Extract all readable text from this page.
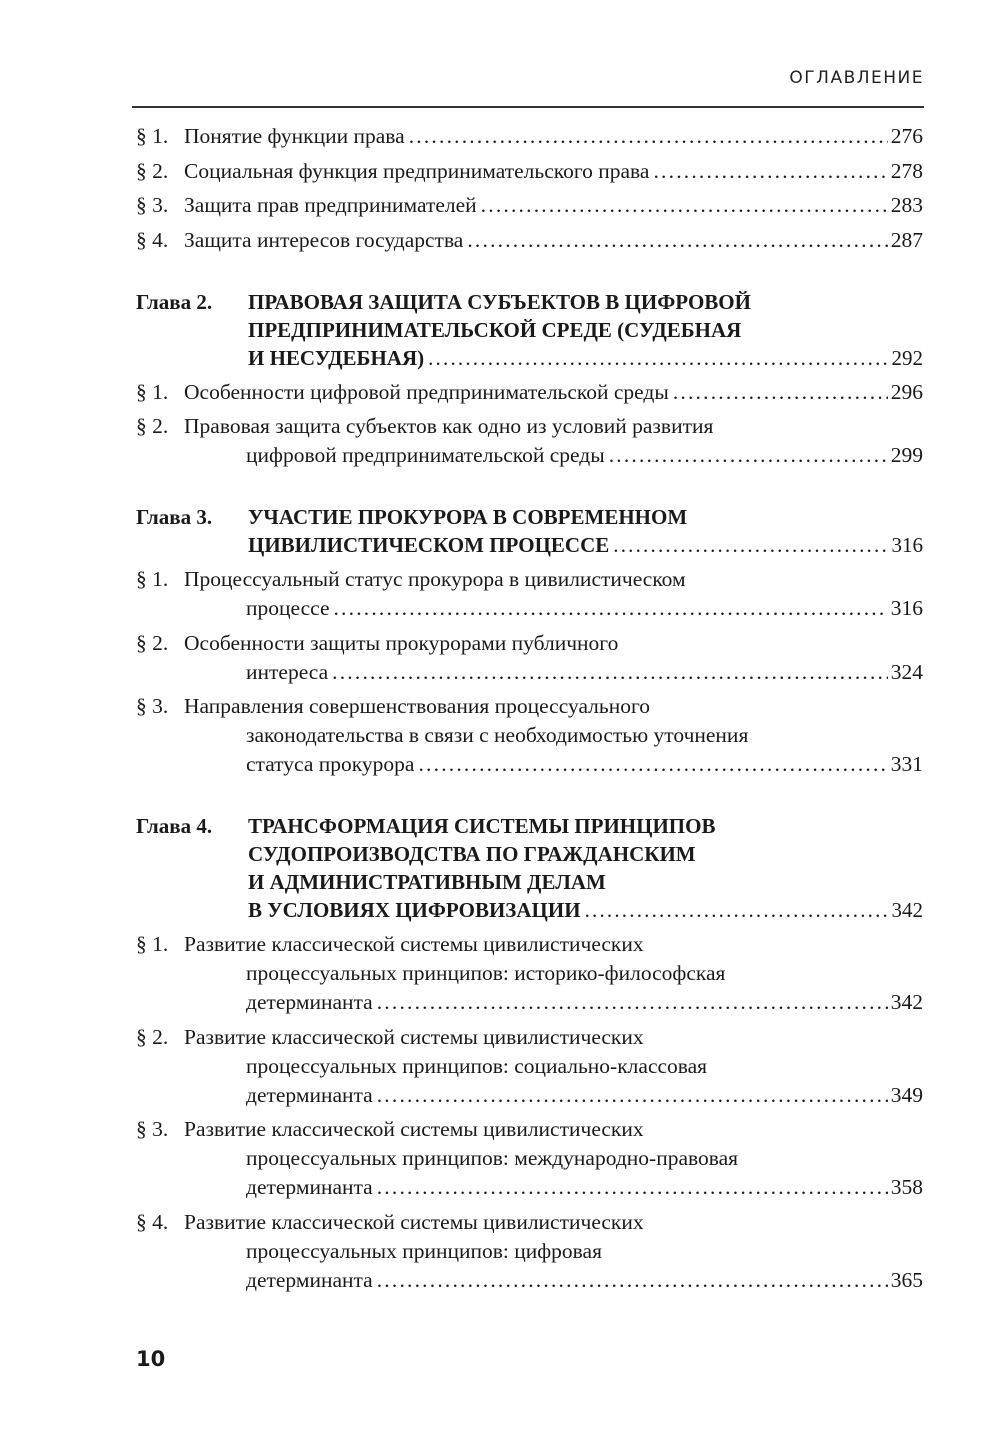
ОГЛАВЛЕНИЕ
§ 1. Понятие функции права .....	276
§ 2. Социальная функция предпринимательского права .....	278
§ 3. Защита прав предпринимателей .....	283
§ 4. Защита интересов государства .....	287
Глава 2. ПРАВОВАЯ ЗАЩИТА СУБЪЕКТОВ В ЦИФРОВОЙ
ПРЕДПРИНИМАТЕЛЬСКОЙ СРЕДЕ (СУДЕБНАЯ
И НЕСУДЕБНАЯ) .....	292
§ 1. Особенности цифровой предпринимательской среды .....	296
§ 2. Правовая защита субъектов как одно из условий развития
цифровой предпринимательской среды .....	299
Глава 3. УЧАСТИЕ ПРОКУРОРА В СОВРЕМЕННОМ
ЦИВИЛИСТИЧЕСКОМ ПРОЦЕССЕ .....	316
§ 1. Процессуальный статус прокурора в цивилистическом
процессе .....	316
§ 2. Особенности защиты прокурорами публичного
интереса .....	324
§ 3. Направления совершенствования процессуального
законодательства в связи с необходимостью уточнения
статуса прокурора .....	331
Глава 4. ТРАНСФОРМАЦИЯ СИСТЕМЫ ПРИНЦИПОВ
СУДОПРОИЗВОДСТВА ПО ГРАЖДАНСКИМ
И АДМИНИСТРАТИВНЫМ ДЕЛАМ
В УСЛОВИЯХ ЦИФРОВИЗАЦИИ .....	342
§ 1. Развитие классической системы цивилистических
процессуальных принципов: историко-философская
детерминанта .....	342
§ 2. Развитие классической системы цивилистических
процессуальных принципов: социально-классовая
детерминанта .....	349
§ 3. Развитие классической системы цивилистических
процессуальных принципов: международно-правовая
детерминанта .....	358
§ 4. Развитие классической системы цивилистических
процессуальных принципов: цифровая
детерминанта .....	365
10
